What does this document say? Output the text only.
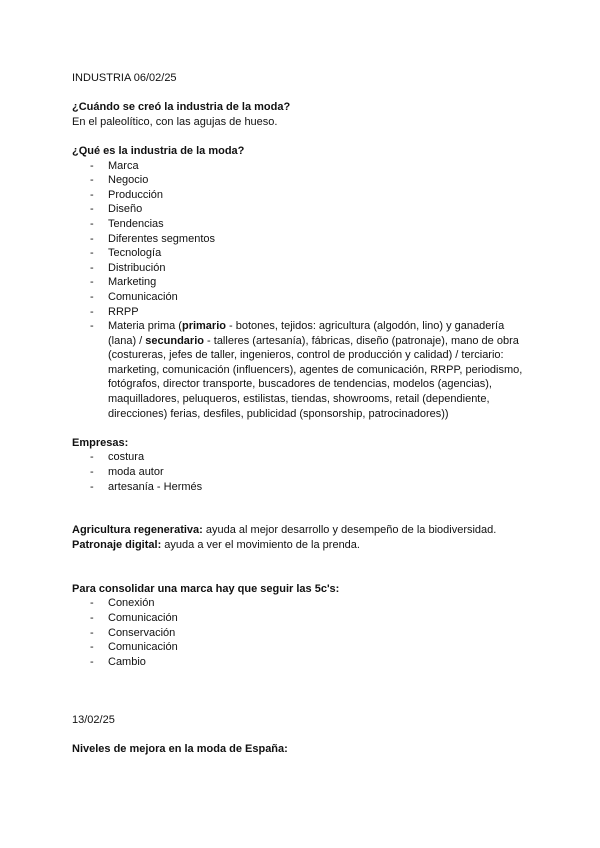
INDUSTRIA 06/02/25
¿Cuándo se creó la industria de la moda?
En el paleolítico, con las agujas de hueso.
¿Qué es la industria de la moda?
- Marca
- Negocio
- Producción
- Diseño
- Tendencias
- Diferentes segmentos
- Tecnología
- Distribución
- Marketing
- Comunicación
- RRPP
- Materia prima (primario - botones, tejidos: agricultura (algodón, lino) y ganadería (lana) / secundario - talleres (artesanía), fábricas, diseño (patronaje), mano de obra (costureras, jefes de taller, ingenieros, control de producción y calidad) / terciario: marketing, comunicación (influencers), agentes de comunicación, RRPP, periodismo, fotógrafos, director transporte, buscadores de tendencias, modelos (agencias), maquilladores, peluqueros, estilistas, tiendas, showrooms, retail (dependiente, direcciones) ferias, desfiles, publicidad (sponsorship, patrocinadores))
Empresas:
- costura
- moda autor
- artesanía - Hermés
Agricultura regenerativa: ayuda al mejor desarrollo y desempeño de la biodiversidad.
Patronaje digital: ayuda a ver el movimiento de la prenda.
Para consolidar una marca hay que seguir las 5c's:
- Conexión
- Comunicación
- Conservación
- Comunicación
- Cambio
13/02/25
Niveles de mejora en la moda de España:
